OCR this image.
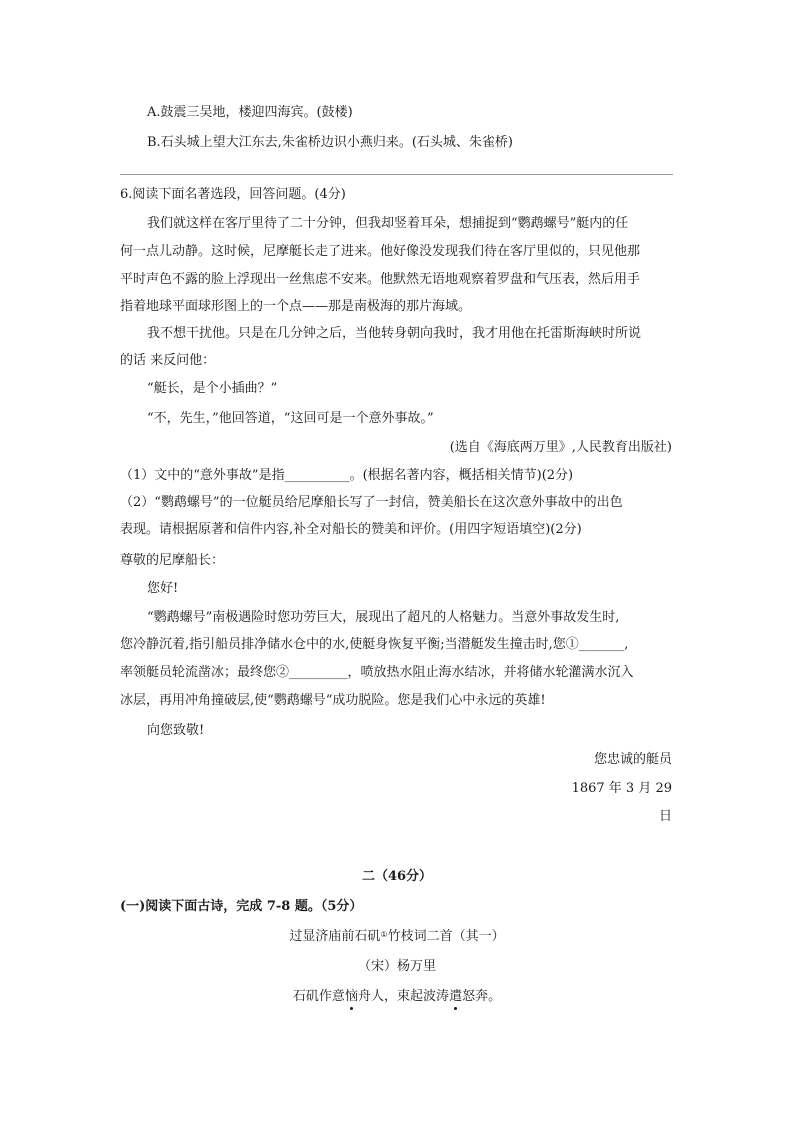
A.鼓震三吴地，楼迎四海宾。(鼓楼)
B.石头城上望大江东去,朱雀桥边识小燕归来。(石头城、朱雀桥)
6.阅读下面名著选段，回答问题。(4分)
我们就这样在客厅里待了二十分钟，但我却竖着耳朵，想捕捉到“鹦鹉螺号”艇内的任
何一点儿动静。这时候，尼摩艇长走了进来。他好像没发现我们待在客厅里似的，只见他那
平时声色不露的脸上浮现出一丝焦虑不安来。他默然无语地观察着罗盘和气压表，然后用手
指着地球平面球形图上的一个点——那是南极海的那片海域。
我不想干扰他。只是在几分钟之后，当他转身朝向我时，我才用他在托雷斯海峡时所说
的话 来反问他：
“艇长，是个小插曲？”
“不，先生，”他回答道，“这回可是一个意外事故。”
(选自《海底两万里》,人民教育出版社)
（1）文中的“意外事故”是指__________。(根据名著内容，概括相关情节)(2分)
（2）“鹦鹉螺号”的一位艇员给尼摩船长写了一封信，赞美船长在这次意外事故中的出色
表现。请根据原著和信件内容,补全对船长的赞美和评价。(用四字短语填空)(2分)
尊敬的尼摩船长：
您好!
“鹦鹉螺号”南极遇险时您功劳巨大，展现出了超凡的人格魅力。当意外事故发生时,
您冷静沉着,指引船员排净储水仓中的水,使艇身恢复平衡;当潜艇发生撞击时,您①_______,
率领艇员轮流凿冰；最终您②_________，喷放热水阻止海水结冰，并将储水轮灌满水沉入
冰层，再用冲角撞破层,使“鹦鹉螺号“成功脱险。您是我们心中永远的英雄!
向您致敬!
您忠诚的艇员
1867 年 3 月 29
日
二（46分）
(一)阅读下面古诗，完成 7-8 题。（5分）
过显济庙前石矶①竹枝词二首（其一）
（宋）杨万里
石矶作意恼舟人，束起波涛遣怒奔。
